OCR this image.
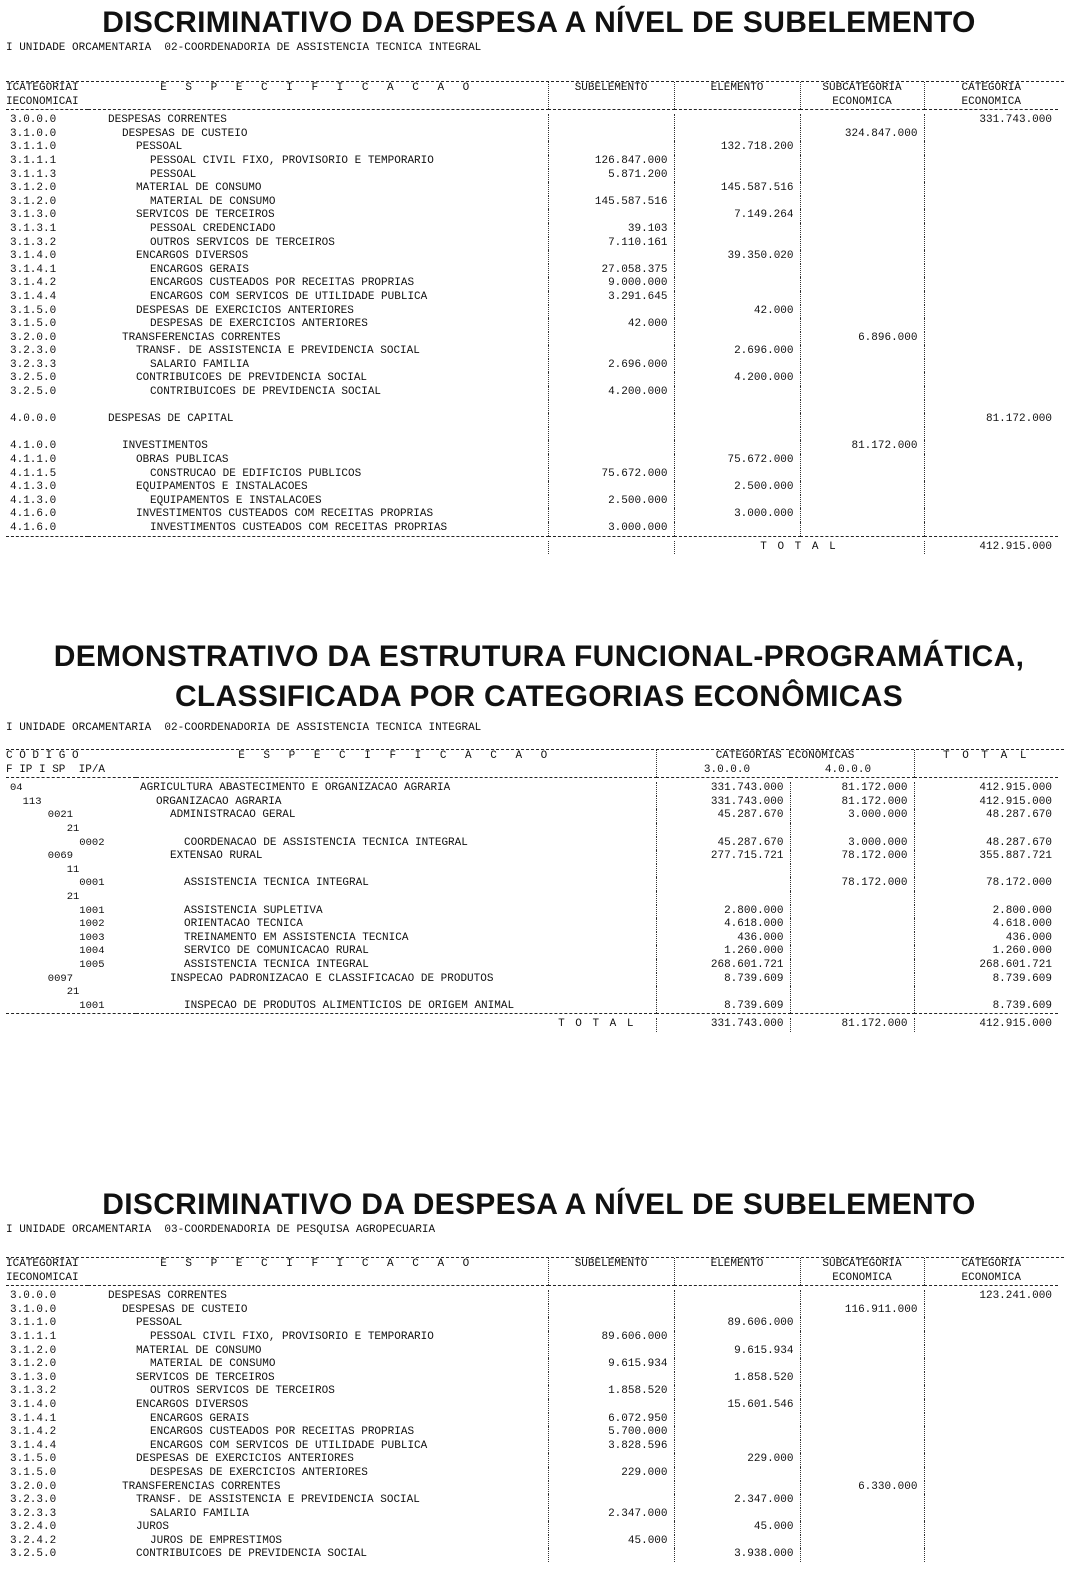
DISCRIMINATIVO DA DESPESA A NÍVEL DE SUBELEMENTO
I UNIDADE ORCAMENTARIA  02-COORDENADORIA DE ASSISTENCIA TECNICA INTEGRAL
ICATEGORIAI
IECONOMICAI	E S P E C I F I C A C A O	SUBELEMENTO	ELEMENTO	SUBCATEGORIA
ECONOMICA	CATEGORIA
ECONOMICA

3.0.0.0	DESPESAS CORRENTES				331.743.000
3.1.0.0	DESPESAS DE CUSTEIO			324.847.000	
3.1.1.0	PESSOAL		132.718.200		
3.1.1.1	PESSOAL CIVIL FIXO, PROVISORIO E TEMPORARIO	126.847.000			
3.1.1.3	PESSOAL	5.871.200			
3.1.2.0	MATERIAL DE CONSUMO		145.587.516		
3.1.2.0	MATERIAL DE CONSUMO	145.587.516			
3.1.3.0	SERVICOS DE TERCEIROS		7.149.264		
3.1.3.1	PESSOAL CREDENCIADO	39.103			
3.1.3.2	OUTROS SERVICOS DE TERCEIROS	7.110.161			
3.1.4.0	ENCARGOS DIVERSOS		39.350.020		
3.1.4.1	ENCARGOS GERAIS	27.058.375			
3.1.4.2	ENCARGOS CUSTEADOS POR RECEITAS PROPRIAS	9.000.000			
3.1.4.4	ENCARGOS COM SERVICOS DE UTILIDADE PUBLICA	3.291.645			
3.1.5.0	DESPESAS DE EXERCICIOS ANTERIORES		42.000		
3.1.5.0	DESPESAS DE EXERCICIOS ANTERIORES	42.000			
3.2.0.0	TRANSFERENCIAS CORRENTES			6.896.000	
3.2.3.0	TRANSF. DE ASSISTENCIA E PREVIDENCIA SOCIAL		2.696.000		
3.2.3.3	SALARIO FAMILIA	2.696.000			
3.2.5.0	CONTRIBUICOES DE PREVIDENCIA SOCIAL		4.200.000		
3.2.5.0	CONTRIBUICOES DE PREVIDENCIA SOCIAL	4.200.000			

4.0.0.0	DESPESAS DE CAPITAL				81.172.000

4.1.0.0	INVESTIMENTOS			81.172.000	
4.1.1.0	OBRAS PUBLICAS		75.672.000		
4.1.1.5	CONSTRUCAO DE EDIFICIOS PUBLICOS	75.672.000			
4.1.3.0	EQUIPAMENTOS E INSTALACOES		2.500.000		
4.1.3.0	EQUIPAMENTOS E INSTALACOES	2.500.000			
4.1.6.0	INVESTIMENTOS CUSTEADOS COM RECEITAS PROPRIAS		3.000.000		
4.1.6.0	INVESTIMENTOS CUSTEADOS COM RECEITAS PROPRIAS	3.000.000			

			T O T A L		412.915.000
DEMONSTRATIVO DA ESTRUTURA FUNCIONAL-PROGRAMÁTICA,
CLASSIFICADA POR CATEGORIAS ECONÔMICAS
I UNIDADE ORCAMENTARIA  02-COORDENADORIA DE ASSISTENCIA TECNICA INTEGRAL
C O D I G O
F IP I SP  IP/A	E S P E C I F I C A C A O	CATEGORIAS ECONOMICAS
3.0.0.0 4.0.0.0		T O T A L

04	AGRICULTURA ABASTECIMENTO E ORGANIZACAO AGRARIA	331.743.000	81.172.000	412.915.000
113	ORGANIZACAO AGRARIA	331.743.000	81.172.000	412.915.000
0021	ADMINISTRACAO GERAL	45.287.670	3.000.000	48.287.670
21				
0002	COORDENACAO DE ASSISTENCIA TECNICA INTEGRAL	45.287.670	3.000.000	48.287.670
0069	EXTENSAO RURAL	277.715.721	78.172.000	355.887.721
11				
0001	ASSISTENCIA TECNICA INTEGRAL		78.172.000	78.172.000
21				
1001	ASSISTENCIA SUPLETIVA	2.800.000		2.800.000
1002	ORIENTACAO TECNICA	4.618.000		4.618.000
1003	TREINAMENTO EM ASSISTENCIA TECNICA	436.000		436.000
1004	SERVICO DE COMUNICACAO RURAL	1.260.000		1.260.000
1005	ASSISTENCIA TECNICA INTEGRAL	268.601.721		268.601.721
0097	INSPECAO PADRONIZACAO E CLASSIFICACAO DE PRODUTOS	8.739.609		8.739.609
21				
1001	INSPECAO DE PRODUTOS ALIMENTICIOS DE ORIGEM ANIMAL	8.739.609		8.739.609

	T O T A L	331.743.000	81.172.000	412.915.000
DISCRIMINATIVO DA DESPESA A NÍVEL DE SUBELEMENTO
I UNIDADE ORCAMENTARIA  03-COORDENADORIA DE PESQUISA AGROPECUARIA
ICATEGORIAI
IECONOMICAI	E S P E C I F I C A C A O	SUBELEMENTO	ELEMENTO	SUBCATEGORIA
ECONOMICA	CATEGORIA
ECONOMICA

3.0.0.0	DESPESAS CORRENTES				123.241.000
3.1.0.0	DESPESAS DE CUSTEIO			116.911.000	
3.1.1.0	PESSOAL		89.606.000		
3.1.1.1	PESSOAL CIVIL FIXO, PROVISORIO E TEMPORARIO	89.606.000			
3.1.2.0	MATERIAL DE CONSUMO		9.615.934		
3.1.2.0	MATERIAL DE CONSUMO	9.615.934			
3.1.3.0	SERVICOS DE TERCEIROS		1.858.520		
3.1.3.2	OUTROS SERVICOS DE TERCEIROS	1.858.520			
3.1.4.0	ENCARGOS DIVERSOS		15.601.546		
3.1.4.1	ENCARGOS GERAIS	6.072.950			
3.1.4.2	ENCARGOS CUSTEADOS POR RECEITAS PROPRIAS	5.700.000			
3.1.4.4	ENCARGOS COM SERVICOS DE UTILIDADE PUBLICA	3.828.596			
3.1.5.0	DESPESAS DE EXERCICIOS ANTERIORES		229.000		
3.1.5.0	DESPESAS DE EXERCICIOS ANTERIORES	229.000			
3.2.0.0	TRANSFERENCIAS CORRENTES			6.330.000	
3.2.3.0	TRANSF. DE ASSISTENCIA E PREVIDENCIA SOCIAL		2.347.000		
3.2.3.3	SALARIO FAMILIA	2.347.000			
3.2.4.0	JUROS		45.000		
3.2.4.2	JUROS DE EMPRESTIMOS	45.000			
3.2.5.0	CONTRIBUICOES DE PREVIDENCIA SOCIAL		3.938.000		
